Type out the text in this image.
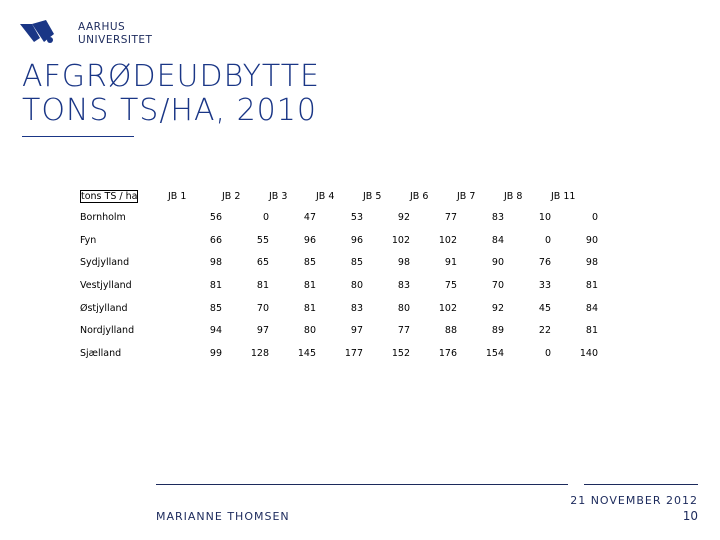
AARHUS
UNIVERSITET
AFGRØDEUDBYTTE
TONS TS/HA, 2010
tons TS / ha	JB 1	JB 2	JB 3	JB 4	JB 5	JB 6	JB 7	JB 8	JB 11
Bornholm	56	0	47	53	92	77	83	10	0
Fyn	66	55	96	96	102	102	84	0	90
Sydjylland	98	65	85	85	98	91	90	76	98
Vestjylland	81	81	81	80	83	75	70	33	81
Østjylland	85	70	81	83	80	102	92	45	84
Nordjylland	94	97	80	97	77	88	89	22	81
Sjælland	99	128	145	177	152	176	154	0	140
MARIANNE THOMSEN
21 NOVEMBER 2012
10
